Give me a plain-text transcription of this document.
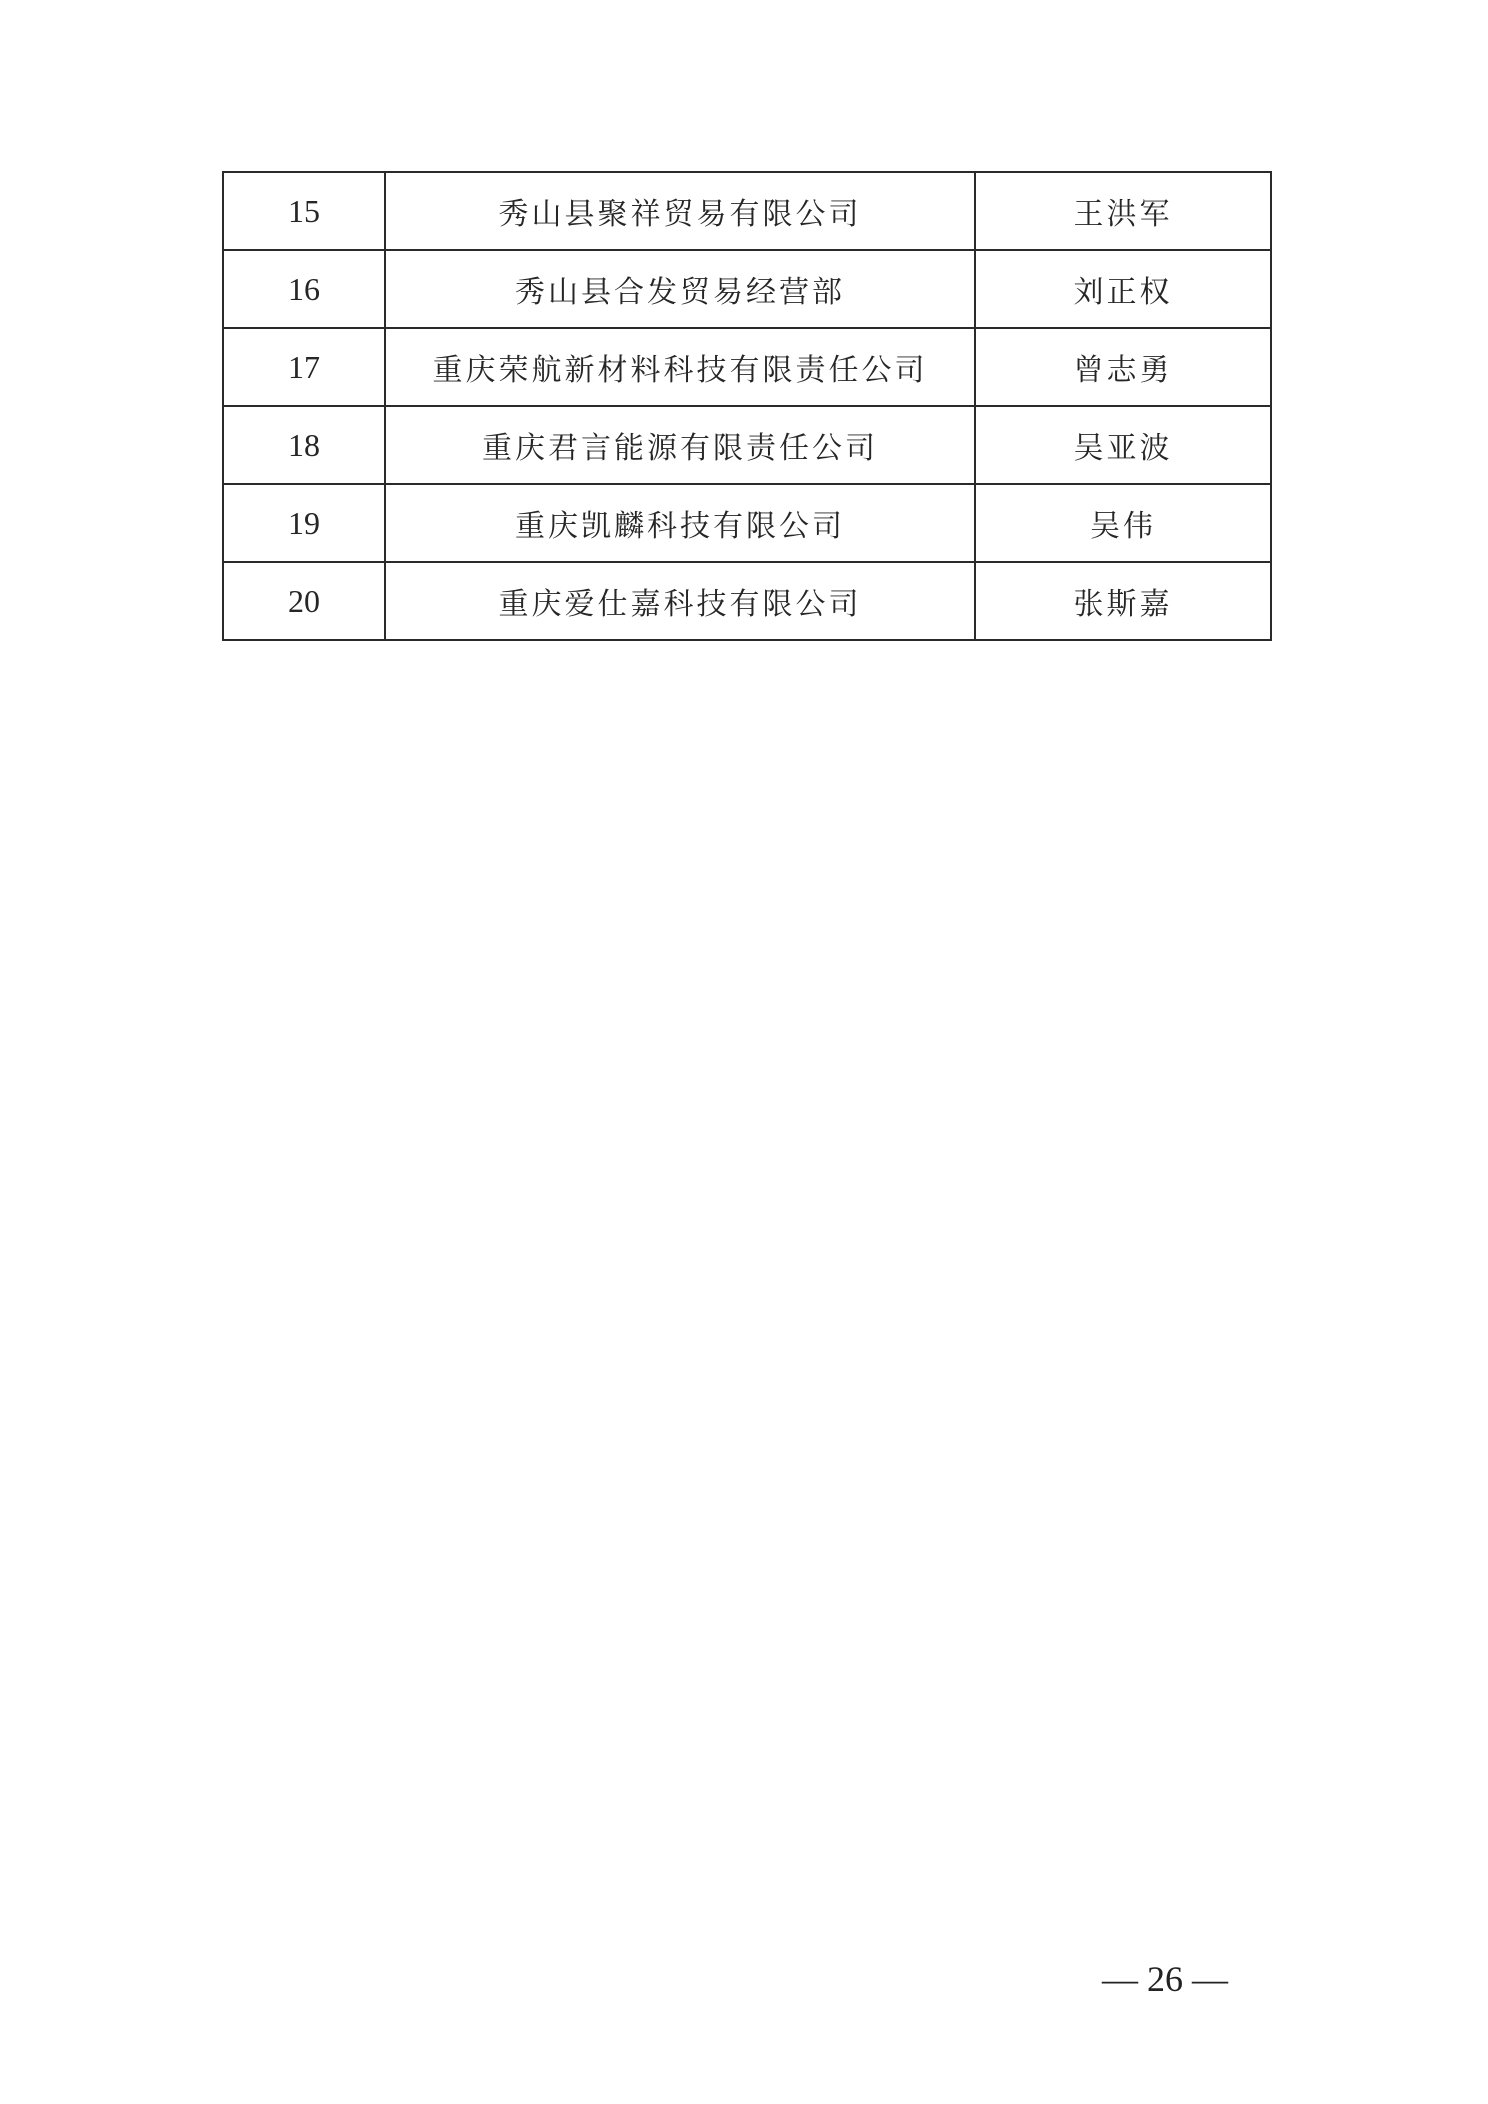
15	秀山县聚祥贸易有限公司	王洪军
16	秀山县合发贸易经营部	刘正权
17	重庆荣航新材料科技有限责任公司	曾志勇
18	重庆君言能源有限责任公司	吴亚波
19	重庆凯麟科技有限公司	吴伟
20	重庆爱仕嘉科技有限公司	张斯嘉
— 26 —
